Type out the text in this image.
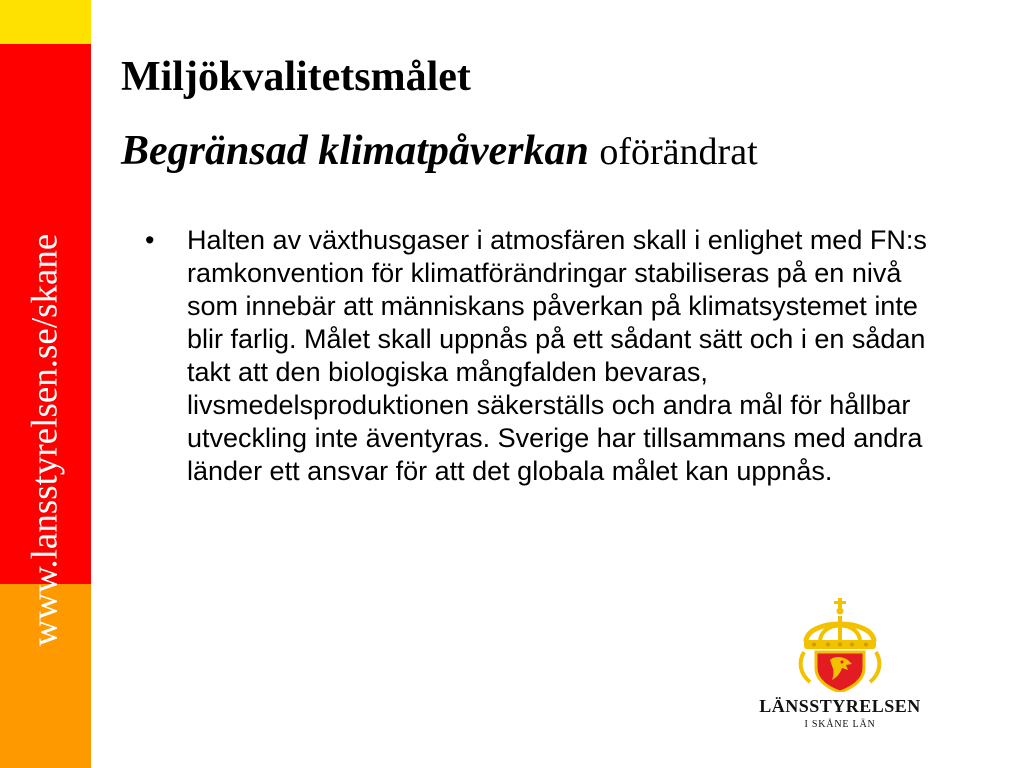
www.lansstyrelsen.se/skane
Miljökvalitetsmålet
Begränsad klimatpåverkan oförändrat
• Halten av växthusgaser i atmosfären skall i enlighet med FN:s ramkonvention för klimatförändringar stabiliseras på en nivå som innebär att människans påverkan på klimatsystemet inte blir farlig. Målet skall uppnås på ett sådant sätt och i en sådan takt att den biologiska mångfalden bevaras, livsmedelsproduktionen säkerställs och andra mål för hållbar utveckling inte äventyras. Sverige har tillsammans med andra länder ett ansvar för att det globala målet kan uppnås.
LÄNSSTYRELSEN
I SKÅNE LÄN
